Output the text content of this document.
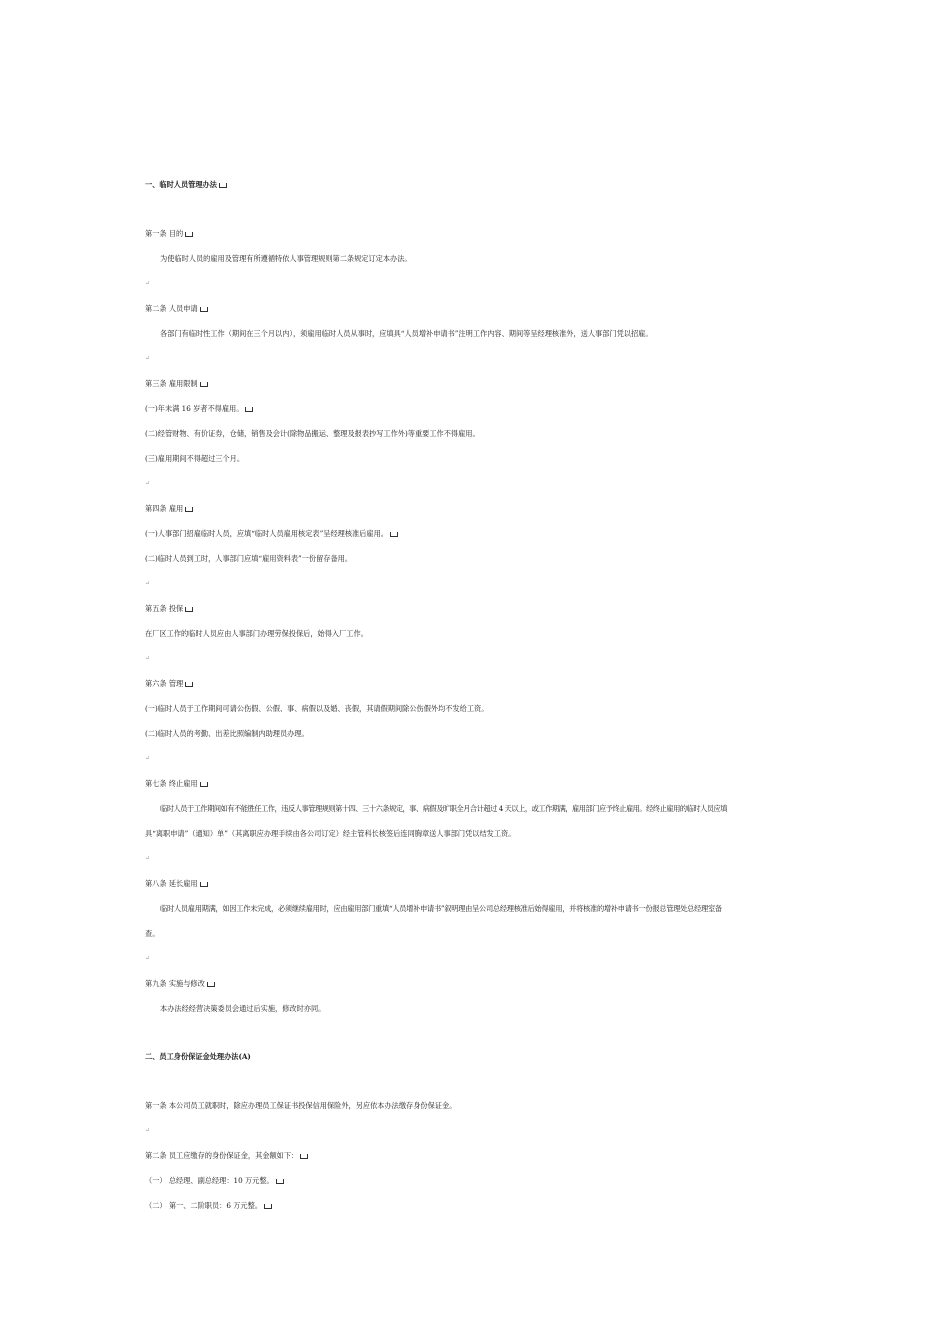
一、临时人员管理办法
第一条 目的
为使临时人员的雇用及管理有所遵循特依人事管理规则第二条规定订定本办法。
↵
第二条 人员申请
各部门有临时性工作（期间在三个月以内），须雇用临时人员从事时，应填具“人员增补申请书”注明工作内容、期间等呈经理核准外，送人事部门凭以招雇。
↵
第三条 雇用限制
(一)年未满 16 岁者不得雇用。
(二)经管财物、有价证券，仓储，销售及会计(除物品搬运、整理及报表抄写工作外)等重要工作不得雇用。
(三)雇用期间不得超过三个月。
↵
第四条 雇用
(一)人事部门招雇临时人员，应填“临时人员雇用核定表”呈经理核准后雇用。
(二)临时人员到工时，人事部门应填“雇用资料表”一份留存备用。
↵
第五条 投保
在厂区工作的临时人员应由人事部门办理劳保投保后，始得入厂工作。
↵
第六条 管理
(一)临时人员于工作期间可请公伤假、公假、事、病假以及婚、丧假，其请假期间除公伤假外均不发给工资。
(二)临时人员的考勤、出差比照编制内助理员办理。
↵
第七条 终止雇用
临时人员于工作期间如有不能胜任工作，违反人事管理规则第十四、三十六条规定，事、病假及旷职全月合计超过 4 天以上，或工作期满，雇用部门应予终止雇用。经终止雇用的临时人员应填
具“离职申请”（通知）单”（其离职应办理手续由各公司订定）经主管科长核签后连同胸章送人事部门凭以结发工资。
↵
第八条 延长雇用
临时人员雇用期满，如因工作未完成，必须继续雇用时，应由雇用部门重填“人员增补申请书”叙明理由呈公司总经理核准后始得雇用，并将核准的增补申请书一份报总管理处总经理室备
查。
↵
第九条 实施与修改
本办法经经营决策委员会通过后实施，修改时亦同。
二、员工身份保证金处理办法(A)
第一条 本公司员工就职时，除应办理员工保证书投保信用保险外，另应依本办法缴存身份保证金。
↵
第二条 员工应缴存的身份保证金，其金额如下：
（一） 总经理、副总经理：10 万元整。
（二） 第一、二阶职员：6 万元整。
